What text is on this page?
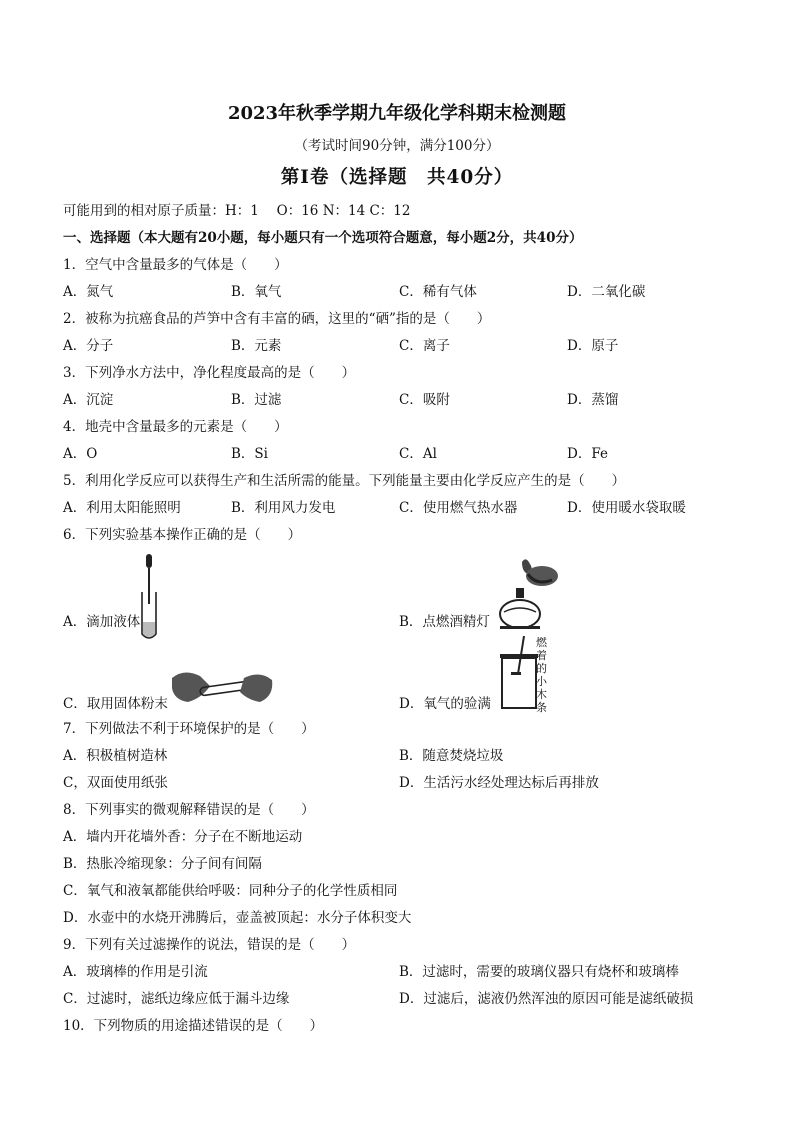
2023年秋季学期九年级化学科期末检测题
（考试时间90分钟，满分100分）
第Ⅰ卷（选择题　共40分）
可能用到的相对原子质量：H：1　 O：16 N：14 C：12
一、选择题（本大题有20小题，每小题只有一个选项符合题意，每小题2分，共40分）
1．空气中含量最多的气体是（　　）
A．氮气	B．氧气	C．稀有气体	D．二氧化碳
2．被称为抗癌食品的芦笋中含有丰富的硒，这里的“硒”指的是（　　）
A．分子	B．元素	C．离子	D．原子
3．下列净水方法中，净化程度最高的是（　　）
A．沉淀	B．过滤	C．吸附	D．蒸馏
4．地壳中含量最多的元素是（　　）
A．O	B．Si	C．Al	D．Fe
5．利用化学反应可以获得生产和生活所需的能量。下列能量主要由化学反应产生的是（　　）
A．利用太阳能照明	B．利用风力发电	C．使用燃气热水器	D．使用暖水袋取暖
6．下列实验基本操作正确的是（　　）
A．滴加液体	B．点燃酒精灯
C．取用固体粉末
燃着的小木条
D．氧气的验满
7．下列做法不利于环境保护的是（　　）
A．积极植树造林	B．随意焚烧垃圾
C，双面使用纸张	D．生活污水经处理达标后再排放
8．下列事实的微观解释错误的是（　　）
A．墙内开花墙外香：分子在不断地运动
B．热胀冷缩现象：分子间有间隔
C．氧气和液氧都能供给呼吸：同种分子的化学性质相同
D．水壶中的水烧开沸腾后，壶盖被顶起：水分子体积变大
9．下列有关过滤操作的说法，错误的是（　　）
A．玻璃棒的作用是引流	B．过滤时，需要的玻璃仪器只有烧杯和玻璃棒
C．过滤时，滤纸边缘应低于漏斗边缘	D．过滤后，滤液仍然浑浊的原因可能是滤纸破损
10．下列物质的用途描述错误的是（　　）
